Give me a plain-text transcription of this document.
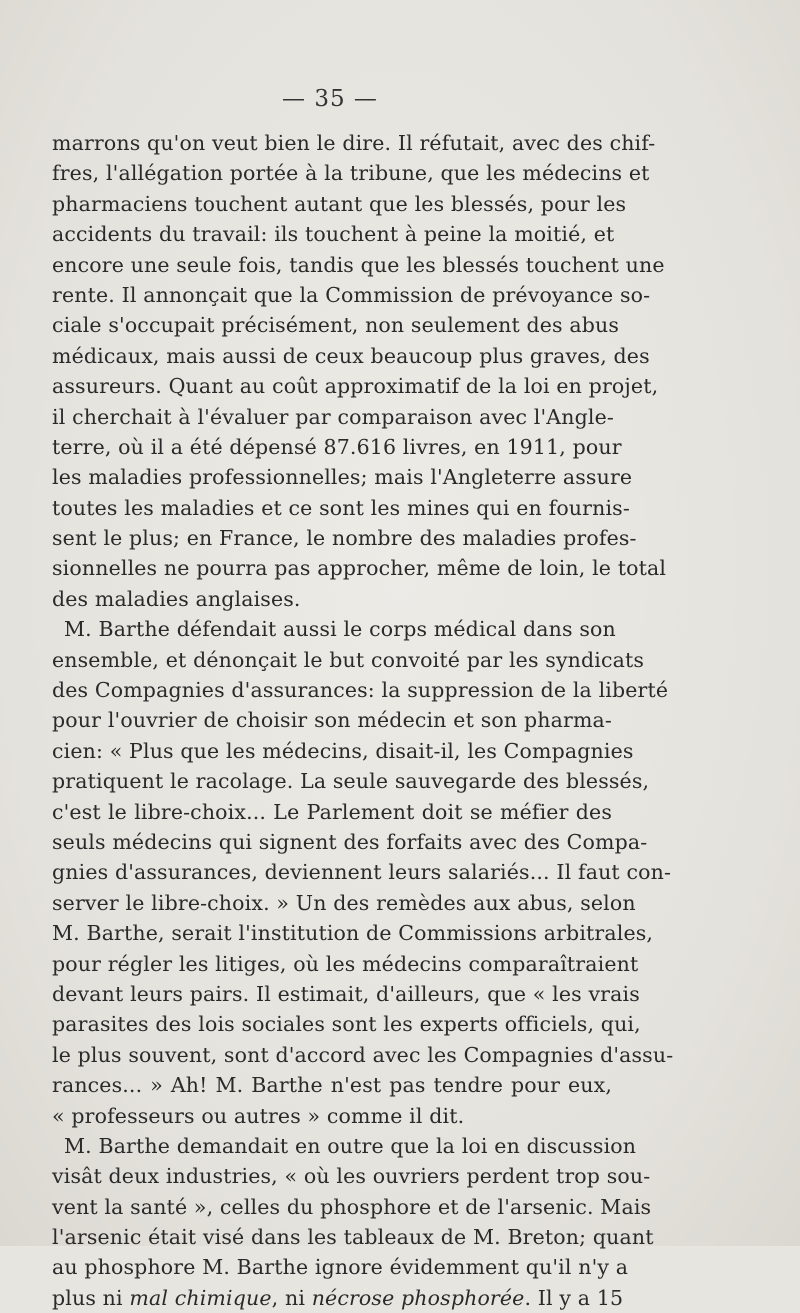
— 35 —
marrons qu'on veut bien le dire. Il réfutait, avec des chif-
fres, l'allégation portée à la tribune, que les médecins et
pharmaciens touchent autant que les blessés, pour les
accidents du travail: ils touchent à peine la moitié, et
encore une seule fois, tandis que les blessés touchent une
rente. Il annonçait que la Commission de prévoyance so-
ciale s'occupait précisément, non seulement des abus
médicaux, mais aussi de ceux beaucoup plus graves, des
assureurs. Quant au coût approximatif de la loi en projet,
il cherchait à l'évaluer par comparaison avec l'Angle-
terre, où il a été dépensé 87.616 livres, en 1911, pour
les maladies professionnelles; mais l'Angleterre assure
toutes les maladies et ce sont les mines qui en fournis-
sent le plus; en France, le nombre des maladies profes-
sionnelles ne pourra pas approcher, même de loin, le total
des maladies anglaises.
M. Barthe défendait aussi le corps médical dans son
ensemble, et dénonçait le but convoité par les syndicats
des Compagnies d'assurances: la suppression de la liberté
pour l'ouvrier de choisir son médecin et son pharma-
cien: « Plus que les médecins, disait-il, les Compagnies
pratiquent le racolage. La seule sauvegarde des blessés,
c'est le libre-choix... Le Parlement doit se méfier des
seuls médecins qui signent des forfaits avec des Compa-
gnies d'assurances, deviennent leurs salariés... Il faut con-
server le libre-choix. » Un des remèdes aux abus, selon
M. Barthe, serait l'institution de Commissions arbitrales,
pour régler les litiges, où les médecins comparaîtraient
devant leurs pairs. Il estimait, d'ailleurs, que « les vrais
parasites des lois sociales sont les experts officiels, qui,
le plus souvent, sont d'accord avec les Compagnies d'assu-
rances... » Ah! M. Barthe n'est pas tendre pour eux,
« professeurs ou autres » comme il dit.
M. Barthe demandait en outre que la loi en discussion
visât deux industries, « où les ouvriers perdent trop sou-
vent la santé », celles du phosphore et de l'arsenic. Mais
l'arsenic était visé dans les tableaux de M. Breton; quant
au phosphore M. Barthe ignore évidemment qu'il n'y a
plus ni mal chimique, ni nécrose phosphorée. Il y a 15
